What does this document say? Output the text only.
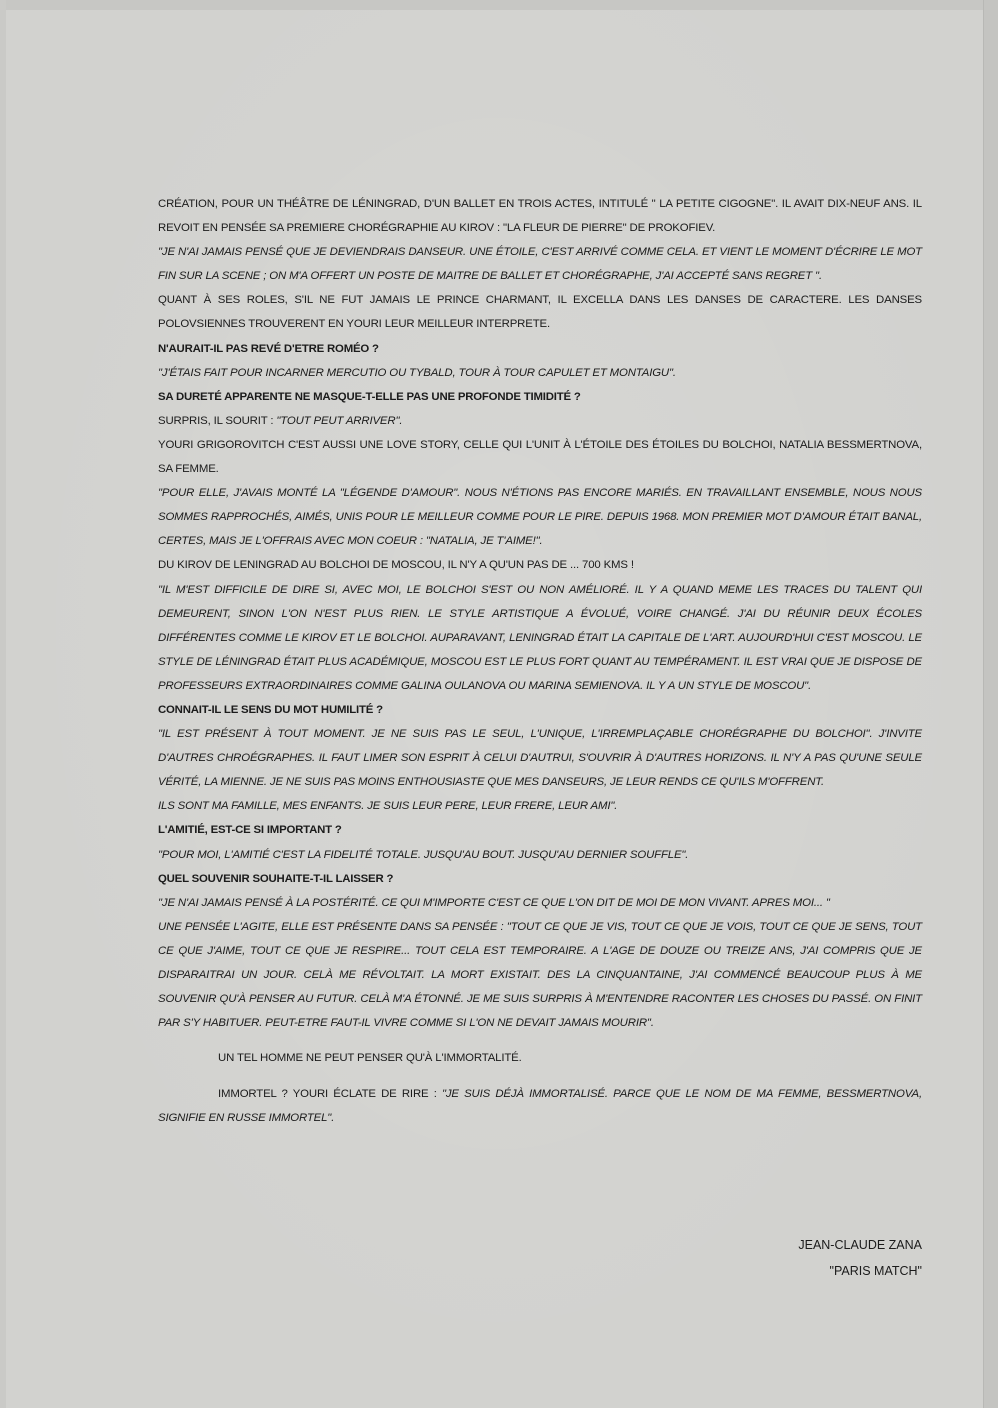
CRÉATION, POUR UN THÉÂTRE DE LÉNINGRAD, D'UN BALLET EN TROIS ACTES, INTITULÉ " LA PETITE CIGOGNE". IL AVAIT DIX-NEUF ANS. IL REVOIT EN PENSÉE SA PREMIERE CHORÉGRAPHIE AU KIROV : "LA FLEUR DE PIERRE" DE PROKOFIEV.

"JE N'AI JAMAIS PENSÉ QUE JE DEVIENDRAIS DANSEUR. UNE ÉTOILE, C'EST ARRIVÉ COMME CELA. ET VIENT LE MOMENT D'ÉCRIRE LE MOT FIN SUR LA SCENE ; ON M'A OFFERT UN POSTE DE MAITRE DE BALLET ET CHORÉGRAPHE, J'AI ACCEPTÉ SANS REGRET ".

QUANT À SES ROLES, S'IL NE FUT JAMAIS LE PRINCE CHARMANT, IL EXCELLA DANS LES DANSES DE CARACTERE. LES DANSES POLOVSIENNES TROUVERENT EN YOURI LEUR MEILLEUR INTERPRETE.

N'AURAIT-IL PAS REVÉ D'ETRE ROMÉO ?

"J'ÉTAIS FAIT POUR INCARNER MERCUTIO OU TYBALD, TOUR À TOUR CAPULET ET MONTAIGU".

SA DURETÉ APPARENTE NE MASQUE-T-ELLE PAS UNE PROFONDE TIMIDITÉ ?

SURPRIS, IL SOURIT : "TOUT PEUT ARRIVER".

YOURI GRIGOROVITCH C'EST AUSSI UNE LOVE STORY, CELLE QUI L'UNIT À L'ÉTOILE DES ÉTOILES DU BOLCHOI, NATALIA BESSMERTNOVA, SA FEMME.

"POUR ELLE, J'AVAIS MONTÉ LA "LÉGENDE D'AMOUR". NOUS N'ÉTIONS PAS ENCORE MARIÉS. EN TRAVAILLANT ENSEMBLE, NOUS NOUS SOMMES RAPPROCHÉS, AIMÉS, UNIS POUR LE MEILLEUR COMME POUR LE PIRE. DEPUIS 1968. MON PREMIER MOT D'AMOUR ÉTAIT BANAL, CERTES, MAIS JE L'OFFRAIS AVEC MON COEUR : "NATALIA, JE T'AIME!".

DU KIROV DE LENINGRAD AU BOLCHOI DE MOSCOU, IL N'Y A QU'UN PAS DE ... 700 KMS !

"IL M'EST DIFFICILE DE DIRE SI, AVEC MOI, LE BOLCHOI S'EST OU NON AMÉLIORÉ. IL Y A QUAND MEME LES TRACES DU TALENT QUI DEMEURENT, SINON L'ON N'EST PLUS RIEN. LE STYLE ARTISTIQUE A ÉVOLUÉ, VOIRE CHANGÉ. J'AI DU RÉUNIR DEUX ÉCOLES DIFFÉRENTES COMME LE KIROV ET LE BOLCHOI. AUPARAVANT, LENINGRAD ÉTAIT LA CAPITALE DE L'ART. AUJOURD'HUI C'EST MOSCOU. LE STYLE DE LÉNINGRAD ÉTAIT PLUS ACADÉMIQUE, MOSCOU EST LE PLUS FORT QUANT AU TEMPÉRAMENT. IL EST VRAI QUE JE DISPOSE DE PROFESSEURS EXTRAORDINAIRES COMME GALINA OULANOVA OU MARINA SEMIENOVA. IL Y A UN STYLE DE MOSCOU".

CONNAIT-IL LE SENS DU MOT HUMILITÉ ?

"IL EST PRÉSENT À TOUT MOMENT. JE NE SUIS PAS LE SEUL, L'UNIQUE, L'IRREMPLAÇABLE CHORÉGRAPHE DU BOLCHOI". J'INVITE D'AUTRES CHROÉGRAPHES. IL FAUT LIMER SON ESPRIT À CELUI D'AUTRUI, S'OUVRIR À D'AUTRES HORIZONS. IL N'Y A PAS QU'UNE SEULE VÉRITÉ, LA MIENNE. JE NE SUIS PAS MOINS ENTHOUSIASTE QUE MES DANSEURS, JE LEUR RENDS CE QU'ILS M'OFFRENT.

ILS SONT MA FAMILLE, MES ENFANTS. JE SUIS LEUR PERE, LEUR FRERE, LEUR AMI".

L'AMITIÉ, EST-CE SI IMPORTANT ?

"POUR MOI, L'AMITIÉ C'EST LA FIDELITÉ TOTALE. JUSQU'AU BOUT. JUSQU'AU DERNIER SOUFFLE".

QUEL SOUVENIR SOUHAITE-T-IL LAISSER ?

"JE N'AI JAMAIS PENSÉ À LA POSTÉRITÉ. CE QUI M'IMPORTE C'EST CE QUE L'ON DIT DE MOI DE MON VIVANT. APRES MOI... "

UNE PENSÉE L'AGITE, ELLE EST PRÉSENTE DANS SA PENSÉE : "TOUT CE QUE JE VIS, TOUT CE QUE JE VOIS, TOUT CE QUE JE SENS, TOUT CE QUE J'AIME, TOUT CE QUE JE RESPIRE... TOUT CELA EST TEMPORAIRE. A L'AGE DE DOUZE OU TREIZE ANS, J'AI COMPRIS QUE JE DISPARAITRAI UN JOUR. CELÀ ME RÉVOLTAIT. LA MORT EXISTAIT. DES LA CINQUANTAINE, J'AI COMMENCÉ BEAUCOUP PLUS À ME SOUVENIR QU'À PENSER AU FUTUR. CELÀ M'A ÉTONNÉ. JE ME SUIS SURPRIS À M'ENTENDRE RACONTER LES CHOSES DU PASSÉ. ON FINIT PAR S'Y HABITUER. PEUT-ETRE FAUT-IL VIVRE COMME SI L'ON NE DEVAIT JAMAIS MOURIR".

UN TEL HOMME NE PEUT PENSER QU'À L'IMMORTALITÉ.

IMMORTEL ? YOURI ÉCLATE DE RIRE : "JE SUIS DÉJÀ IMMORTALISÉ. PARCE QUE LE NOM DE MA FEMME, BESSMERTNOVA, SIGNIFIE EN RUSSE IMMORTEL".

JEAN-CLAUDE ZANA
"PARIS MATCH"
